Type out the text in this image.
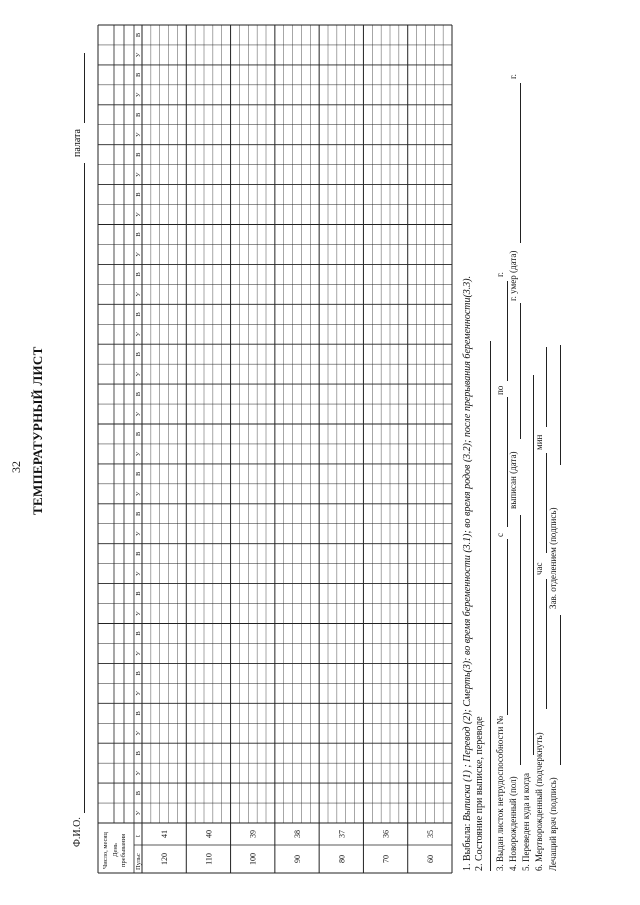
32 ТЕМПЕРАТУРНЫЙ ЛИСТ
Ф.И.О.
палата
Число, месяц День пребывания Пульс
t
У
В
У
В
У
В
У
В
У
В
У
В
У
В
У
В
У
В
У
В
У
В
У
В
У
В
У
В
У
В
У
В
У
В
У
В
У
В
У
В
120
41
110
40
100
39
90
38
80
37
70
36
60
35	1. Выбыла: Выписка (1) ; Перевод (2); Смерть(3): во время беременности (3.1); во время родов (3.2); после прерывания беременности(3.3). 2. Состояние при выписке, переводе 3. Выдан листок нетрудоспособности №
с
по
г.
4. Новорожденный (пол)
выписан (дата)
г. умер (дата)
г.
5. Переведен куда и когда 6. Мертворожденный (подчеркнуть)
час
мин
Лечащий врач (подпись)
Зав. отделением (подпись)
